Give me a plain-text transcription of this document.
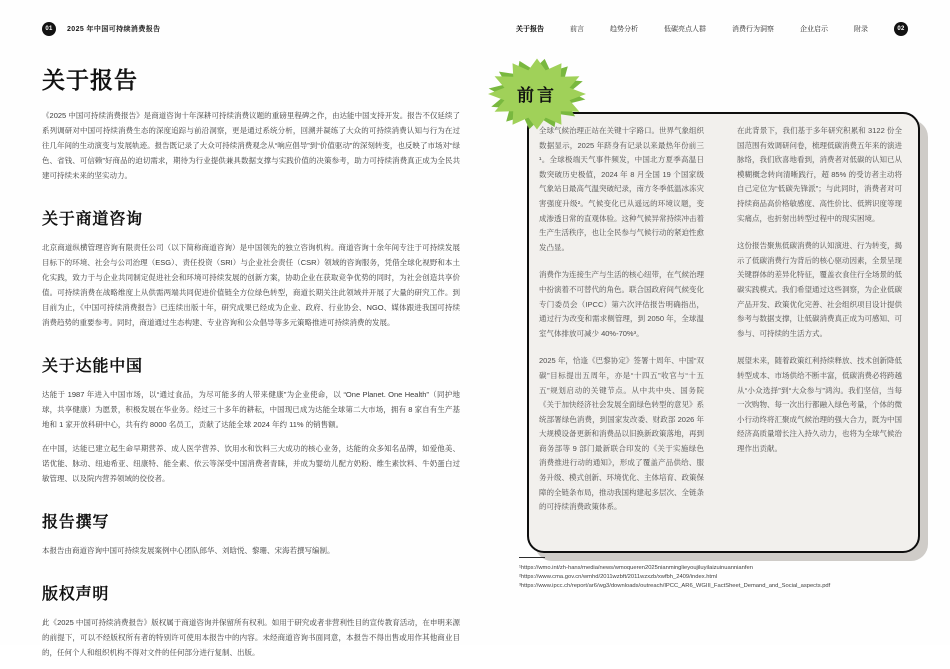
01	2025 年中国可持续消费报告	关于报告	前言	趋势分析	低碳亮点人群	消费行为洞察	企业启示	附录	02
关于报告

《2025 中国可持续消费报告》是商道咨询十年深耕可持续消费议题的重磅里程碑之作，由达能中国支持开发。报告不仅延续了系列调研对中国可持续消费生态的深度追踪与前沿洞察，更是通过系统分析，回溯并凝练了大众的可持续消费认知与行为在过往几年间的生动演变与发展轨迹。报告既记录了大众可持续消费观念从“响应倡导”到“价值驱动”的深刻转变，也反映了市场对“绿色、省钱、可信赖”好商品的迫切需求，期待为行业提供兼具数据支撑与实践价值的决策参考，助力可持续消费真正成为全民共建可持续未来的坚实动力。

关于商道咨询

北京商道纵横管理咨询有限责任公司（以下简称商道咨询）是中国领先的独立咨询机构。商道咨询十余年间专注于可持续发展目标下的环境、社会与公司治理（ESG）、责任投资（SRI）与企业社会责任（CSR）领域的咨询服务，凭借全球化视野和本土化实践，致力于与企业共同制定促进社会和环境可持续发展的创新方案，协助企业在获取竞争优势的同时，为社会创造共享价值。可持续消费在战略维度上从供需两端共同促进价值链全方位绿色转型，商道长期关注此领域并开展了大量的研究工作。到目前为止，《中国可持续消费报告》已连续出版十年，研究成果已经成为企业、政府、行业协会、NGO、媒体跟进我国可持续消费趋势的重要参考。同时，商道通过生态构建、专业咨询和公众倡导等多元策略推进可持续消费的发展。

关于达能中国

达能于 1987 年进入中国市场，以“通过食品，为尽可能多的人带来健康”为企业使命，以 “One Planet. One Health”（同护地球，共享健康）为愿景，积极发展在华业务。经过三十多年的耕耘，中国现已成为达能全球第二大市场，拥有 8 家自有生产基地和 1 家开放科研中心，共有约 8000 名员工，贡献了达能全球 2024 年约 11% 的销售额。

在中国，达能已建立起生命早期营养、成人医学营养、饮用水和饮料三大成功的核心业务，达能的众多知名品牌，如爱他美、诺优能、脉动、纽迪希亚、纽康特、能全素、依云等深受中国消费者青睐，并成为婴幼儿配方奶粉、维生素饮料、牛奶蛋白过敏管理、以及院内营养领域的佼佼者。

报告撰写

本报告由商道咨询中国可持续发展案例中心团队郎华、刘晗悦、黎珊、宋海若撰写编制。

版权声明

此《2025 中国可持续消费报告》版权属于商道咨询并保留所有权利。如用于研究或者非营利性目的宣传教育活动，在申明来源的前提下，可以不经版权所有者的特别许可使用本报告中的内容。未经商道咨询书面同意，本报告不得出售或用作其他商业目的，任何个人和组织机构不得对文件的任何部分进行复制、出版。

全球气候治理正站在关键十字路口。世界气象组织数据显示，2025 年跻身有记录以来最热年份前三¹。全球极端天气事件频发，中国北方夏季高温日数突破历史极值，2024 年 8 月全国 19 个国家级气象站日最高气温突破纪录，南方冬季低温冰冻灾害强度升级²。气候变化已从遥远的环境议题，变成渗透日常的直观体验。这种气候异常持续冲击着生产生活秩序，也让全民参与气候行动的紧迫性愈发凸显。

消费作为连接生产与生活的核心纽带，在气候治理中扮演着不可替代的角色。联合国政府间气候变化专门委员会（IPCC）第六次评估报告明确指出，通过行为改变和需求侧管理，到 2050 年，全球温室气体排放可减少 40%-70%³。

2025 年，恰逢《巴黎协定》签署十周年、中国“双碳”目标提出五周年，亦是“十四五”收官与“十五五”规划启动的关键节点。从中共中央、国务院《关于加快经济社会发展全面绿色转型的意见》系统部署绿色消费，到国家发改委、财政部 2026 年大规模设备更新和消费品以旧换新政策落地，再到商务部等 9 部门最新联合印发的《关于实施绿色消费推进行动的通知》，形成了覆盖产品供给、服务升级、模式创新、环境优化、主体培育、政策保障的全链条布局，推动我国构建起多层次、全链条的可持续消费政策体系。

在此背景下，我们基于多年研究积累和 3122 份全国范围有效调研问卷，梳理低碳消费五年来的演进脉络，我们欣喜地看到，消费者对低碳的认知已从模糊概念转向清晰践行，超 85% 的受访者主动将自己定位为“低碳先锋派”；与此同时，消费者对可持续商品高价格敏感度、高性价比、低辨识度等现实痛点，也折射出转型过程中的现实困境。

这份报告聚焦低碳消费的认知演进、行为转变，揭示了低碳消费行为背后的核心驱动因素，全景呈现关键群体的差异化特征，覆盖衣食住行全场景的低碳实践模式。我们希望通过这些洞察，为企业低碳产品开发、政策优化完善、社会组织项目设计提供参考与数据支撑，让低碳消费真正成为可感知、可参与、可持续的生活方式。

展望未来，随着政策红利持续释放、技术创新降低转型成本、市场供给不断丰富，低碳消费必将跨越从“小众选择”到“大众参与”鸿沟。我们坚信，当每一次购物、每一次出行都融入绿色考量，个体的微小行动终将汇聚成气候治理的强大合力，既为中国经济高质量增长注入持久动力，也将为全球气候治理作出贡献。

前言
¹https://wmo.int/zh-hans/media/news/wmoqueren2025nianminglieyoujiluyilaizuinuannianfen
²https://www.cma.gov.cn/wmhd/2011wzbft/2011wzxzb/xwfbh_2409/index.html
³https://www.ipcc.ch/report/ar6/wg3/downloads/outreach/IPCC_AR6_WGIII_FactSheet_Demand_and_Social_aspects.pdf
